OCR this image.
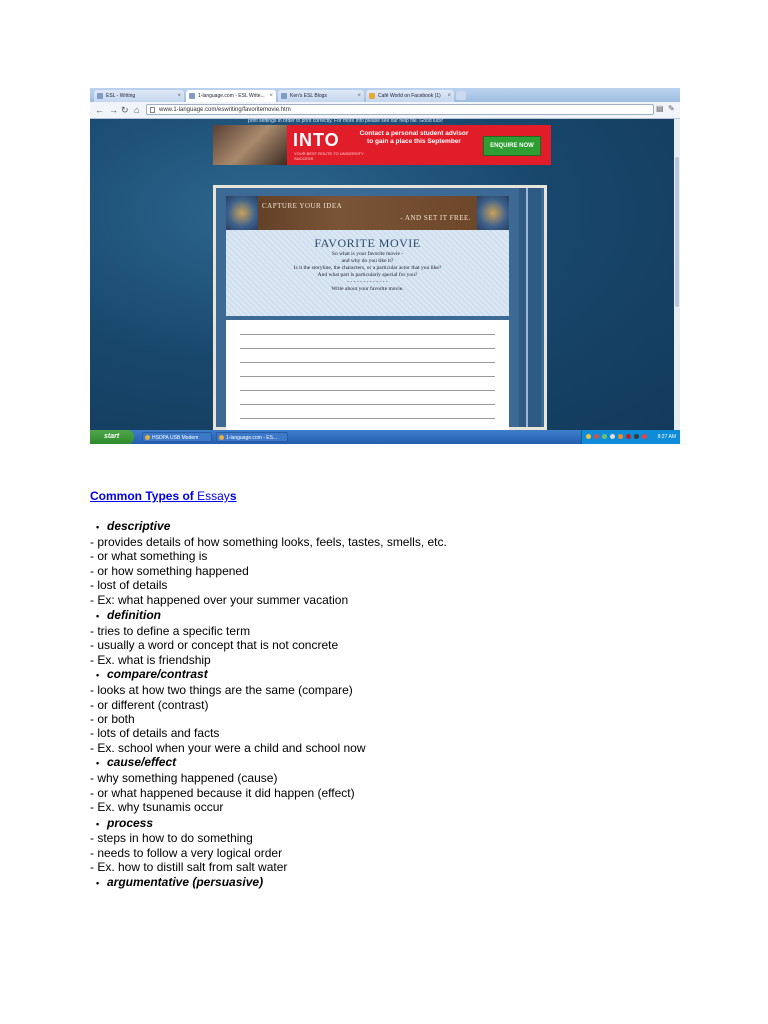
ESL - Writing	×	1-language.com - ESL Write... ×	Ken's ESL Blogs	×	Café World on Facebook (1) ×
← → ↻ ⌂	www.1-language.com/eswriting/favoritemovie.htm	▤ ✎
print settings in order to print correctly. For more info please see our help file. Good luck!
INTO
YOUR BEST ROUTE TO UNIVERSITY SUCCESS
Contact a personal student advisor to gain a place this September
ENQUIRE NOW
CAPTURE YOUR IDEA
- AND SET IT FREE.
FAVORITE MOVIE
So what is your favorite movie -
and why do you like it?
Is it the storyline, the characters, or a particular actor that you like?
And what part is particularly special for you?
- - - - - - - - - - - - -
Write about your favorite movie.
start	HSDPA USB Modem	1-language.com - ES...	8:27 AM
Common Types of Essays
• descriptive
- provides details of how something looks, feels, tastes, smells, etc.
- or what something is
- or how something happened
- lost of details
- Ex: what happened over your summer vacation
• definition
- tries to define a specific term
- usually a word or concept that is not concrete
- Ex. what is friendship
• compare/contrast
- looks at how two things are the same (compare)
- or different (contrast)
- or both
- lots of details and facts
- Ex. school when your were a child and school now
• cause/effect
- why something happened (cause)
- or what happened because it did happen (effect)
- Ex. why tsunamis occur
• process
- steps in how to do something
- needs to follow a very logical order
- Ex. how to distill salt from salt water
• argumentative (persuasive)
